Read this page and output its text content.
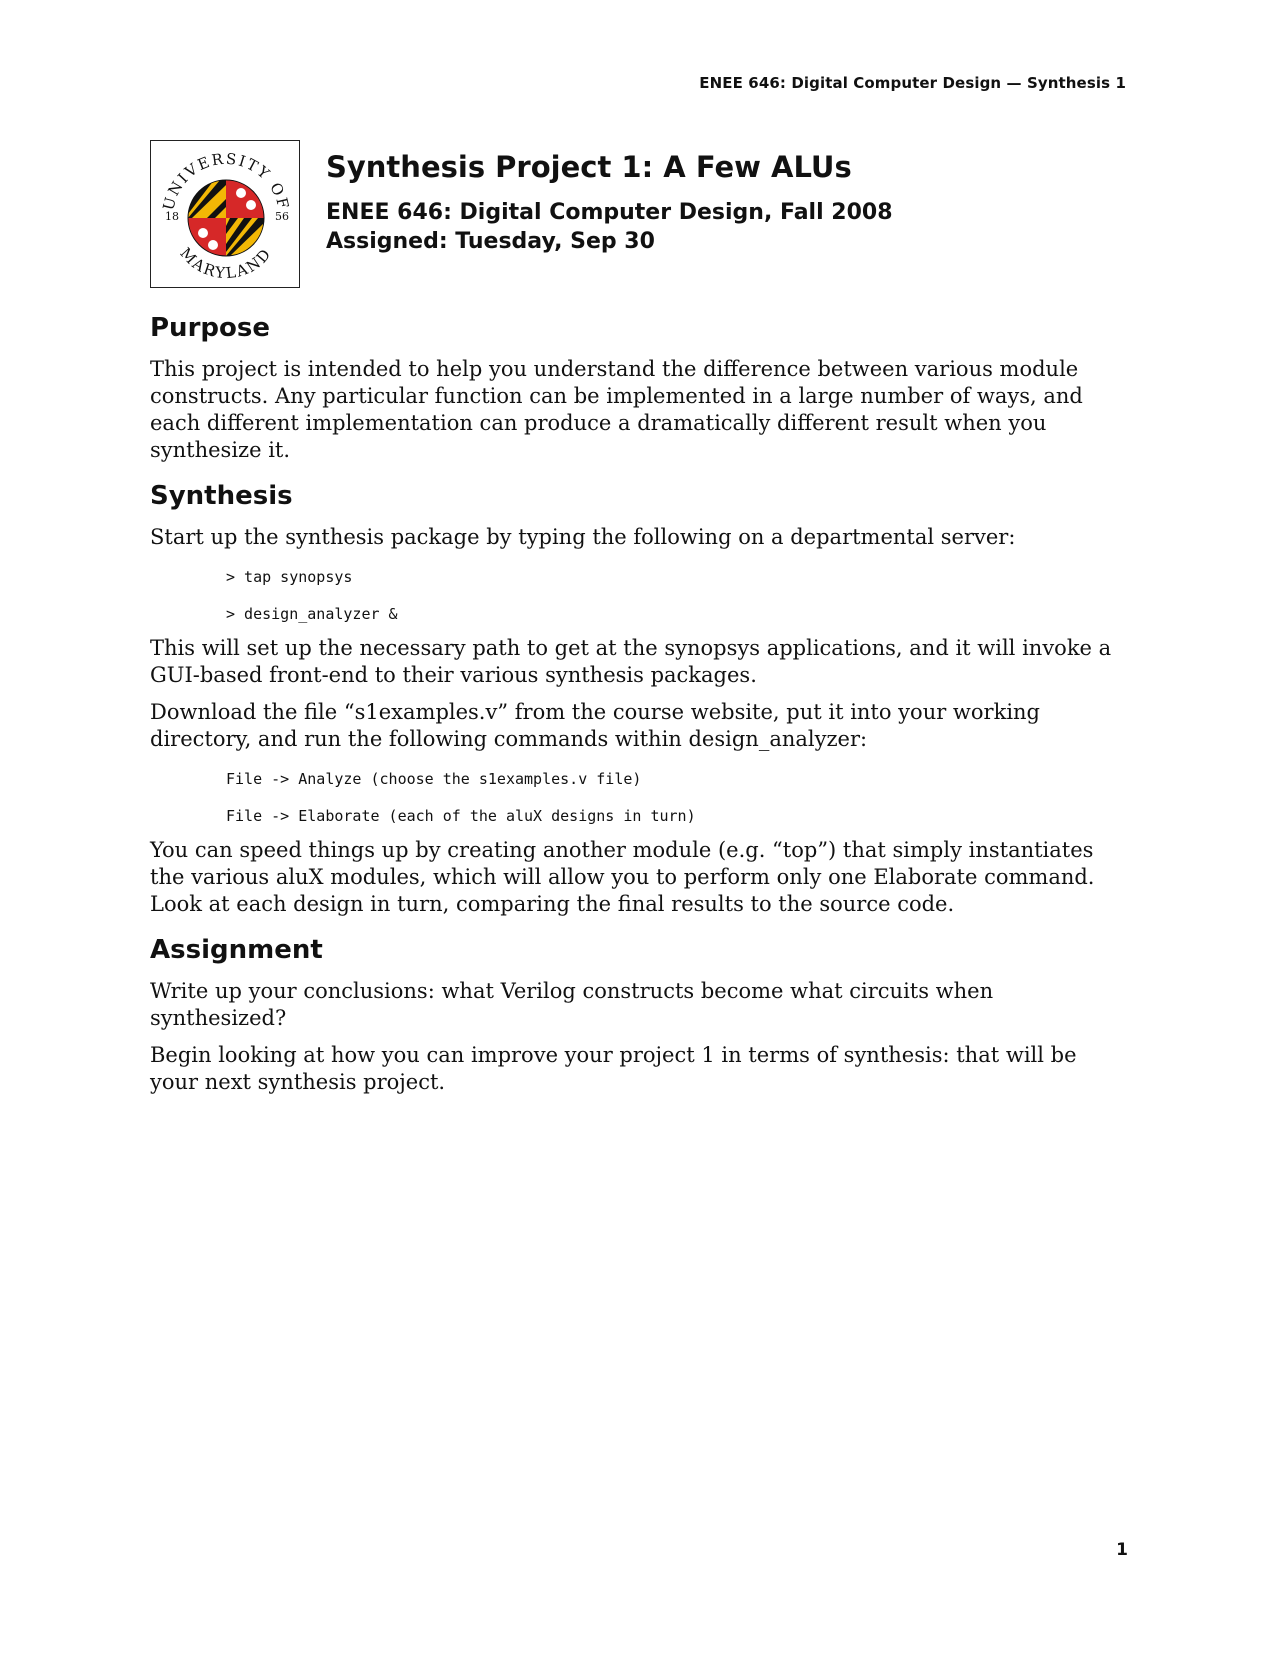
ENEE 646: Digital Computer Design — Synthesis 1
UNIVERSITY OF
MARYLAND
18	56
Synthesis Project 1: A Few ALUs
ENEE 646: Digital Computer Design, Fall 2008
Assigned: Tuesday, Sep 30
Purpose

This project is intended to help you understand the difference between various module constructs. Any particular function can be implemented in a large number of ways, and each different implementation can produce a dramatically different result when you synthesize it.

Synthesis

Start up the synthesis package by typing the following on a departmental server:

> tap synopsys
> design_analyzer &

This will set up the necessary path to get at the synopsys applications, and it will invoke a GUI-based front-end to their various synthesis packages.

Download the file “s1examples.v” from the course website, put it into your working directory, and run the following commands within design_analyzer:

File -> Analyze (choose the s1examples.v file)
File -> Elaborate (each of the aluX designs in turn)

You can speed things up by creating another module (e.g. “top”) that simply instantiates the various aluX modules, which will allow you to perform only one Elaborate command. Look at each design in turn, comparing the final results to the source code.

Assignment

Write up your conclusions: what Verilog constructs become what circuits when synthesized?

Begin looking at how you can improve your project 1 in terms of synthesis: that will be your next synthesis project.

1
